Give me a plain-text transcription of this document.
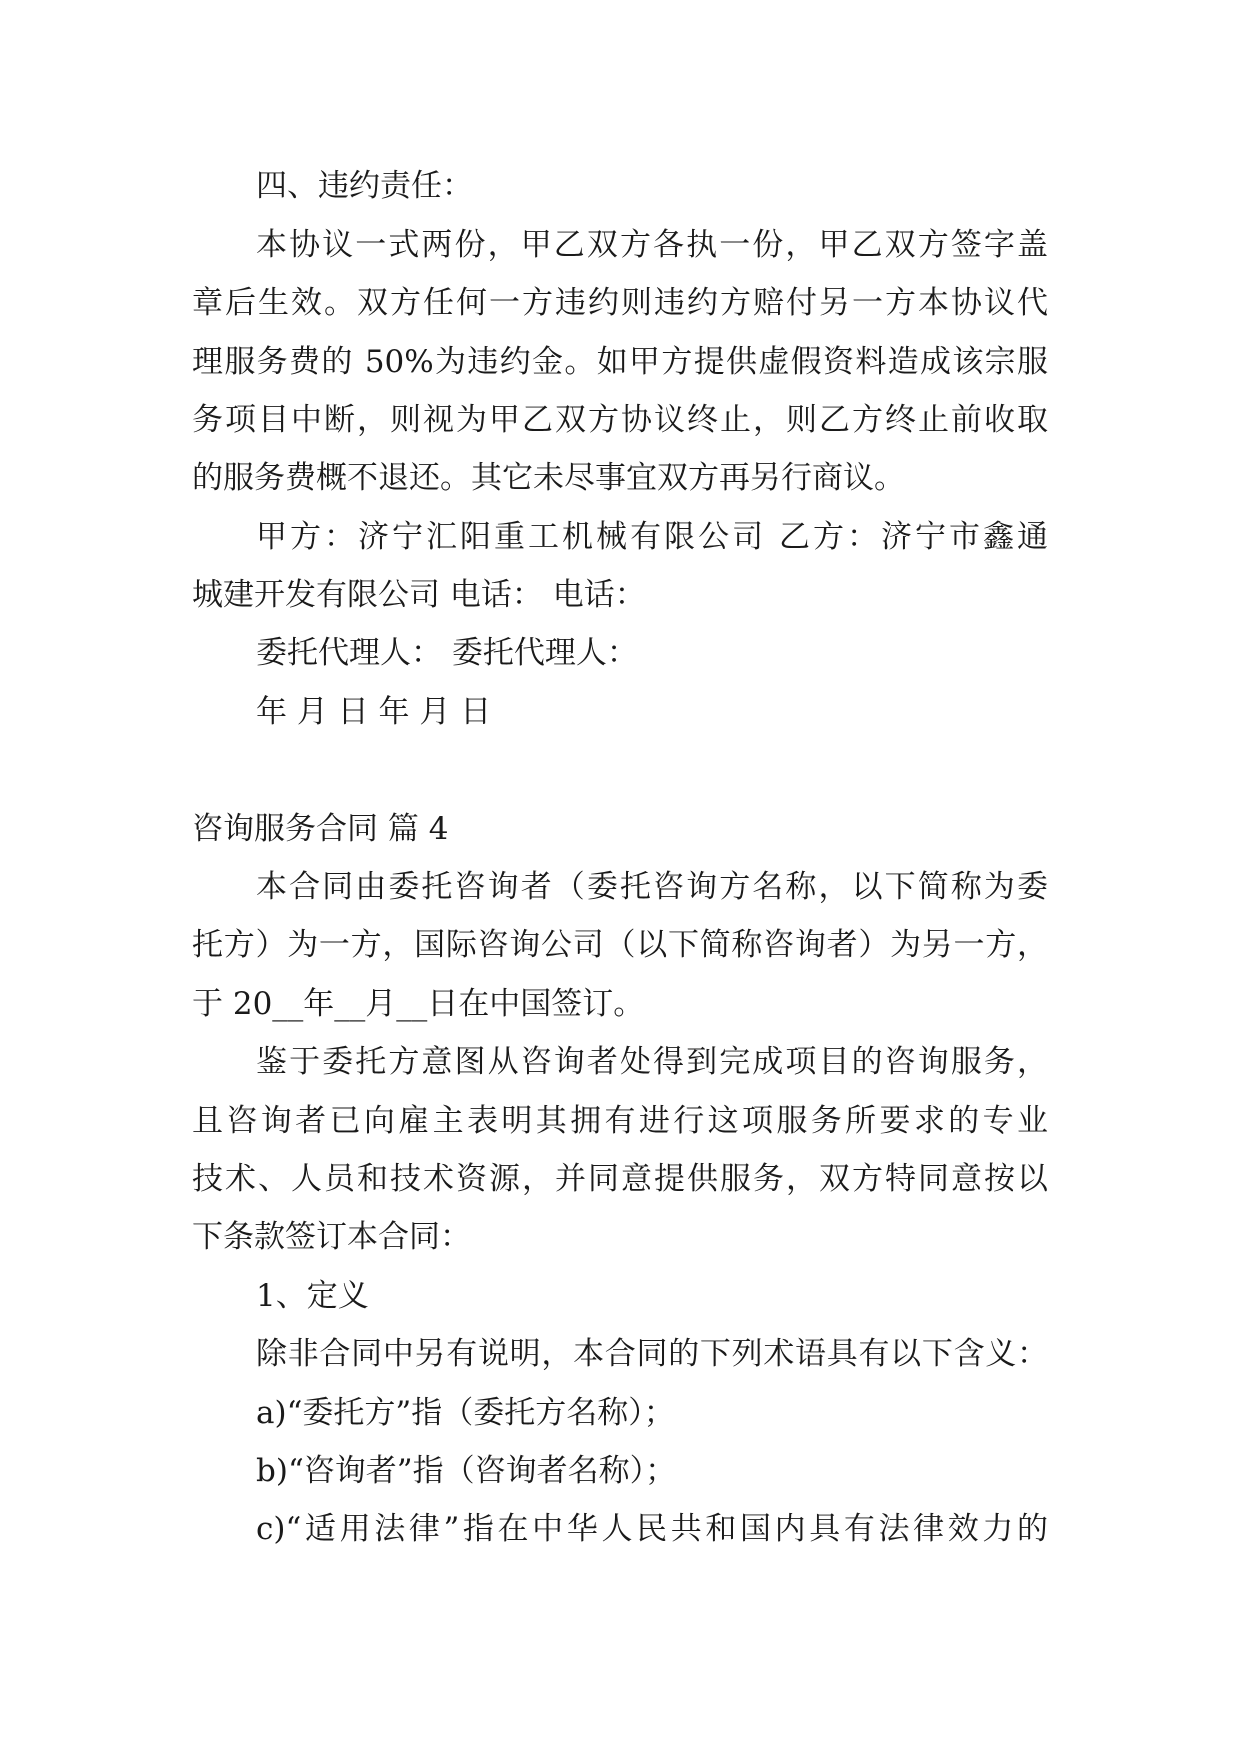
四、违约责任：

本协议一式两份，甲乙双方各执一份，甲乙双方签字盖

章后生效。双方任何一方违约则违约方赔付另一方本协议代

理服务费的 50%为违约金。如甲方提供虚假资料造成该宗服

务项目中断，则视为甲乙双方协议终止，则乙方终止前收取

的服务费概不退还。其它未尽事宜双方再另行商议。

甲方：济宁汇阳重工机械有限公司 乙方：济宁市鑫通

城建开发有限公司 电话： 电话：

委托代理人： 委托代理人：

年 月 日 年 月 日

咨询服务合同 篇 4

本合同由委托咨询者（委托咨询方名称，以下简称为委

托方）为一方，国际咨询公司（以下简称咨询者）为另一方，

于 20__年__月__日在中国签订。

鉴于委托方意图从咨询者处得到完成项目的咨询服务，

且咨询者已向雇主表明其拥有进行这项服务所要求的专业

技术、人员和技术资源，并同意提供服务，双方特同意按以

下条款签订本合同：

1、定义

除非合同中另有说明，本合同的下列术语具有以下含义：

a)“委托方”指（委托方名称）；

b)“咨询者”指（咨询者名称）；

c)“适用法律”指在中华人民共和国内具有法律效力的
